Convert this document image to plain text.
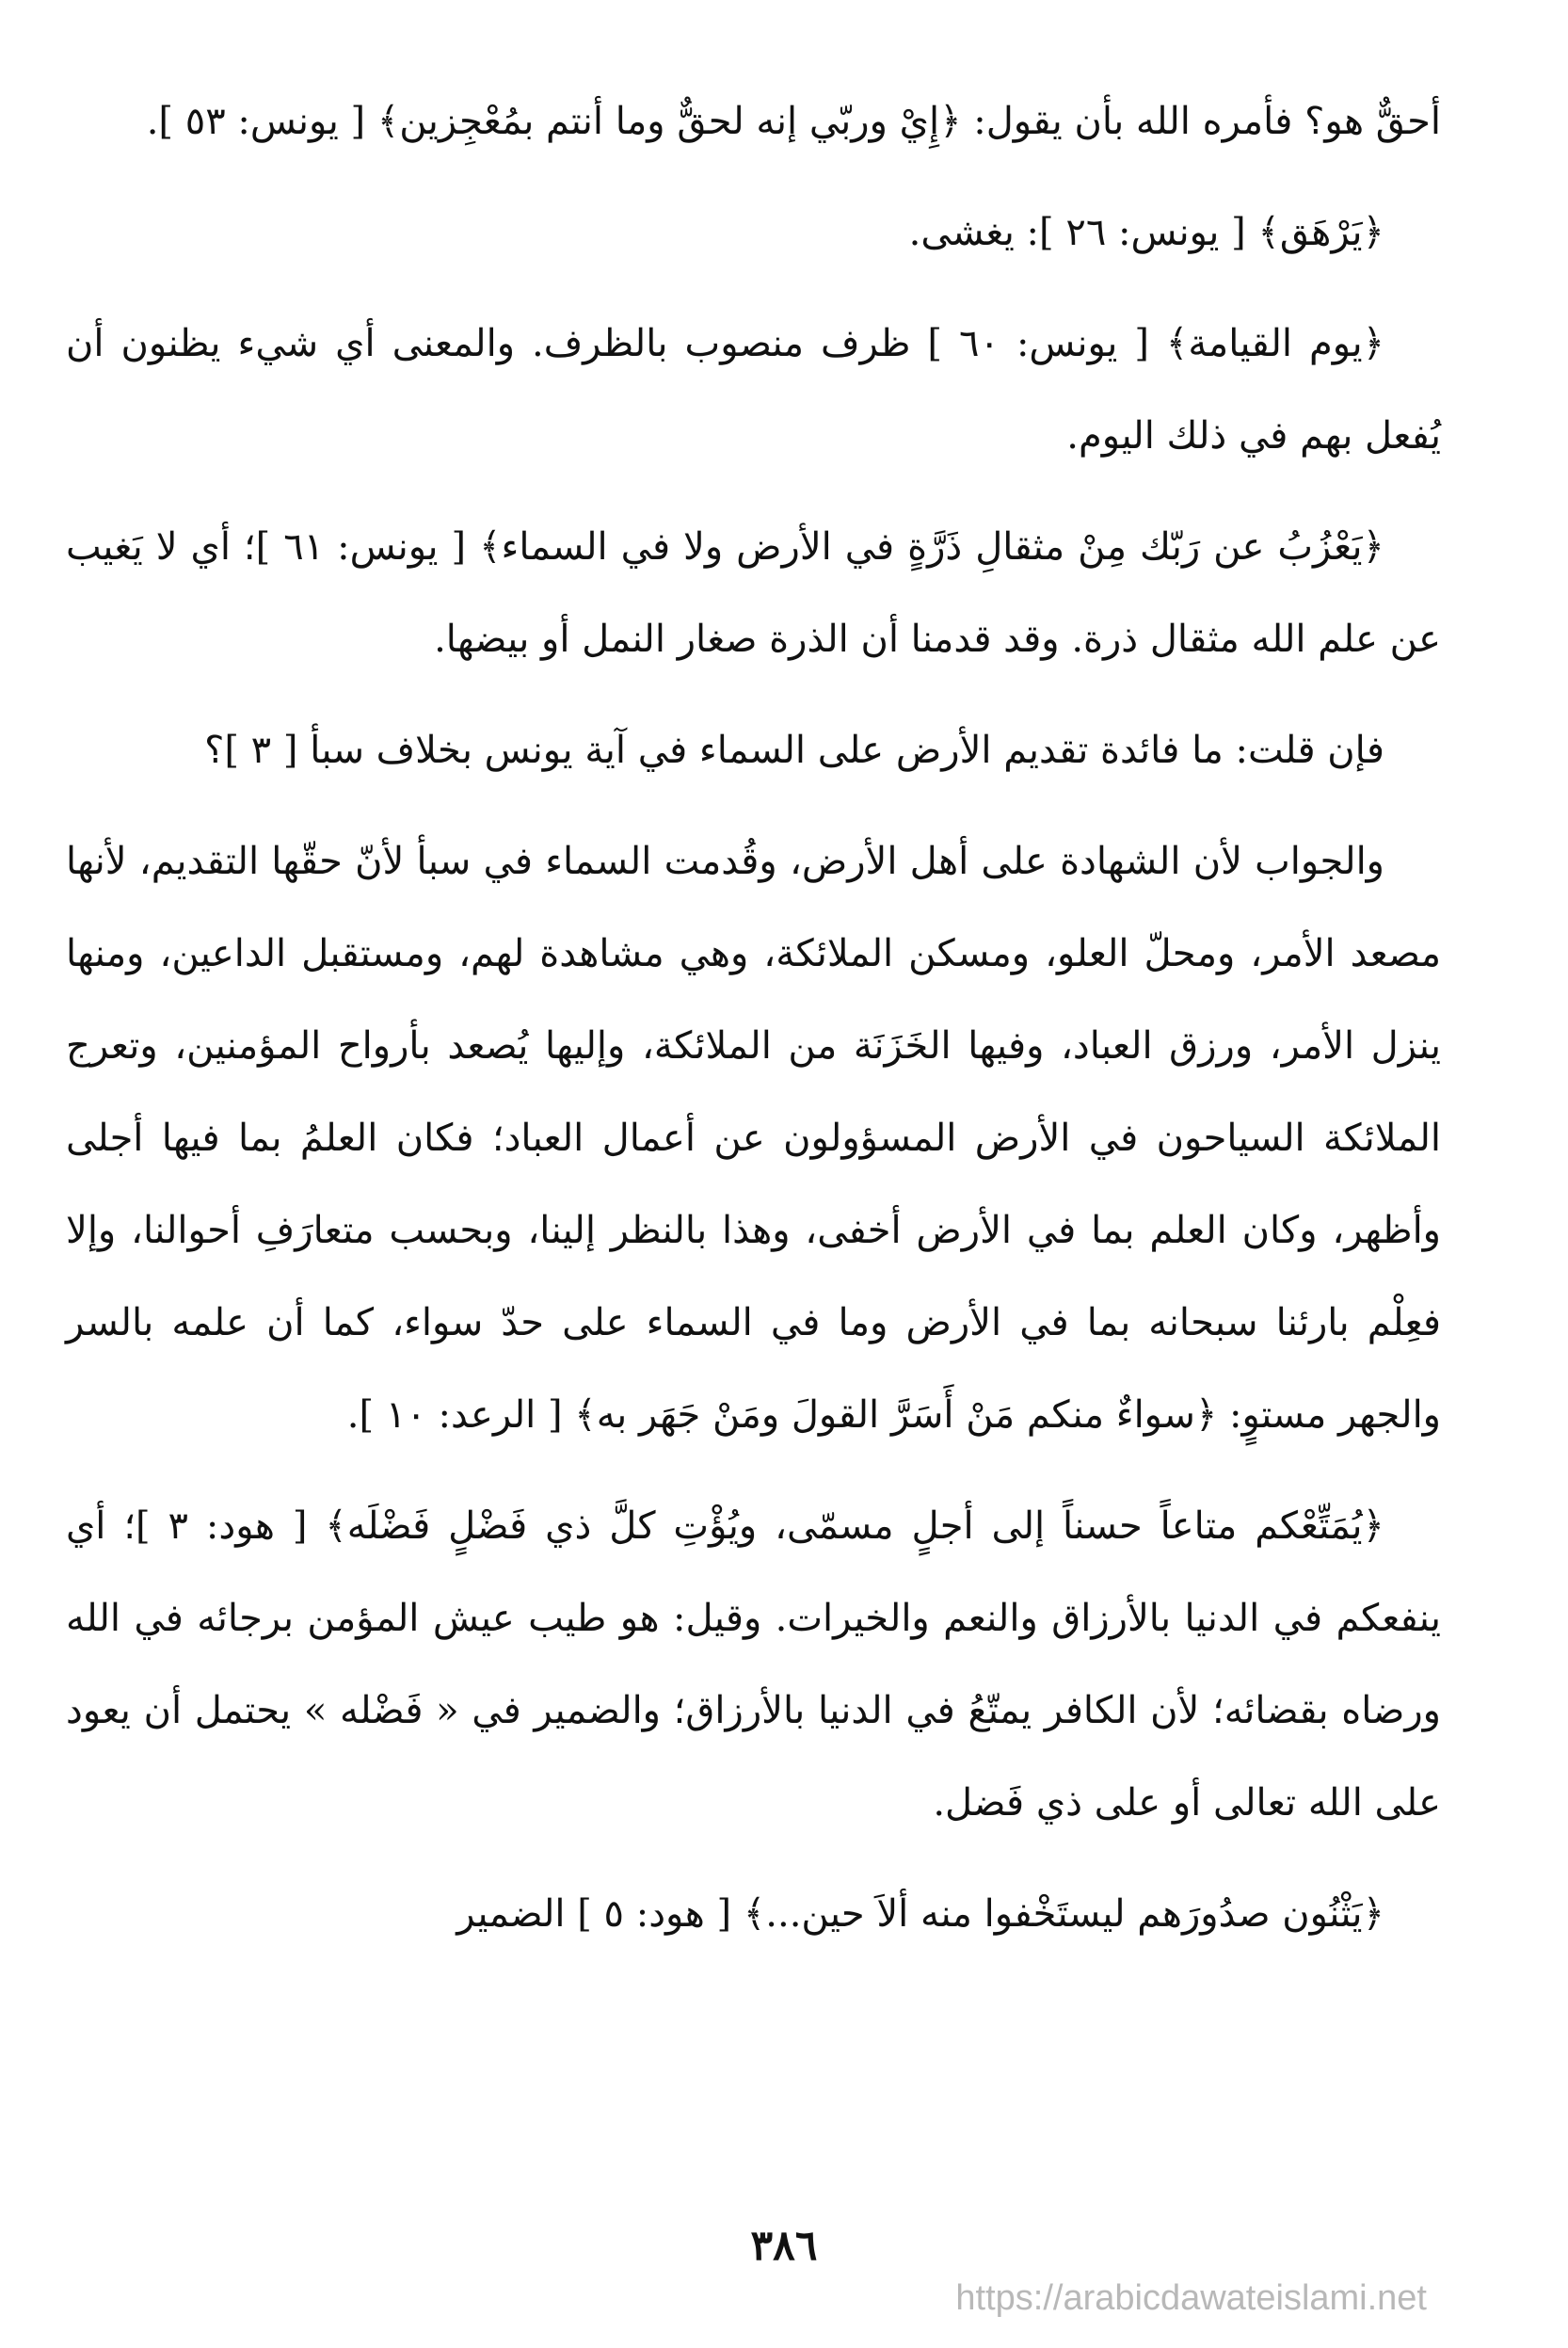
أحقٌّ هو؟ فأمره الله بأن يقول: ﴿إِيْ وربّي إنه لحقٌّ وما أنتم بمُعْجِزين﴾ [ يونس: ٥٣ ].

﴿يَرْهَق﴾ [ يونس: ٢٦ ]: يغشى.

﴿يوم القيامة﴾ [ يونس: ٦٠ ] ظرف منصوب بالظرف. والمعنى أي شيء يظنون أن يُفعل بهم في ذلك اليوم.

﴿يَعْزُبُ عن رَبّك مِنْ مثقالِ ذَرَّةٍ في الأرض ولا في السماء﴾ [ يونس: ٦١ ]؛ أي لا يَغيب عن علم الله مثقال ذرة. وقد قدمنا أن الذرة صغار النمل أو بيضها.

فإن قلت: ما فائدة تقديم الأرض على السماء في آية يونس بخلاف سبأ [ ٣ ]؟

والجواب لأن الشهادة على أهل الأرض، وقُدمت السماء في سبأ لأنّ حقّها التقديم، لأنها مصعد الأمر، ومحلّ العلو، ومسكن الملائكة، وهي مشاهدة لهم، ومستقبل الداعين، ومنها ينزل الأمر، ورزق العباد، وفيها الخَزَنَة من الملائكة، وإليها يُصعد بأرواح المؤمنين، وتعرج الملائكة السياحون في الأرض المسؤولون عن أعمال العباد؛ فكان العلمُ بما فيها أجلى وأظهر، وكان العلم بما في الأرض أخفى، وهذا بالنظر إلينا، وبحسب متعارَفِ أحوالنا، وإلا فعِلْم بارئنا سبحانه بما في الأرض وما في السماء على حدّ سواء، كما أن علمه بالسر والجهر مستوٍ: ﴿سواءٌ منكم مَنْ أَسَرَّ القولَ ومَنْ جَهَر به﴾ [ الرعد: ١٠ ].

﴿يُمَتِّعْكم متاعاً حسناً إلى أجلٍ مسمّى، ويُؤْتِ كلَّ ذي فَضْلٍ فَضْلَه﴾ [ هود: ٣ ]؛ أي ينفعكم في الدنيا بالأرزاق والنعم والخيرات. وقيل: هو طيب عيش المؤمن برجائه في الله ورضاه بقضائه؛ لأن الكافر يمتّعُ في الدنيا بالأرزاق؛ والضمير في « فَضْله » يحتمل أن يعود على الله تعالى أو على ذي فَضل.

﴿يَثْنُون صدُورَهم ليستَخْفوا منه ألاَ حين...﴾ [ هود: ٥ ] الضمير

٣٨٦
https://arabicdawateislami.net
